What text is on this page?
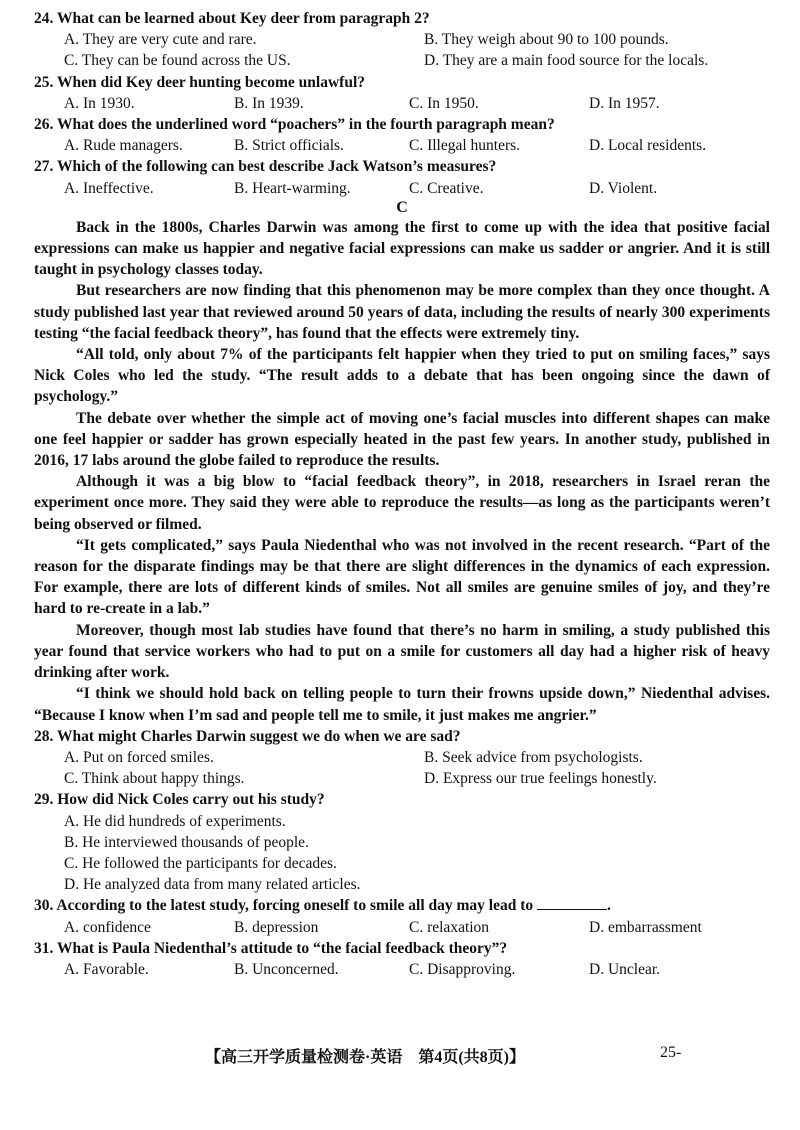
24. What can be learned about Key deer from paragraph 2?
A. They are very cute and rare.	B. They weigh about 90 to 100 pounds.
C. They can be found across the US.	D. They are a main food source for the locals.
25. When did Key deer hunting become unlawful?
A. In 1930.	B. In 1939.	C. In 1950.	D. In 1957.
26. What does the underlined word “poachers” in the fourth paragraph mean?
A. Rude managers.	B. Strict officials.	C. Illegal hunters.	D. Local residents.
27. Which of the following can best describe Jack Watson’s measures?
A. Ineffective.	B. Heart-warming.	C. Creative.	D. Violent.
C

Back in the 1800s, Charles Darwin was among the first to come up with the idea that positive facial expressions can make us happier and negative facial expressions can make us sadder or angrier. And it is still taught in psychology classes today.

But researchers are now finding that this phenomenon may be more complex than they once thought. A study published last year that reviewed around 50 years of data, including the results of nearly 300 experiments testing “the facial feedback theory”, has found that the effects were extremely tiny.

“All told, only about 7% of the participants felt happier when they tried to put on smiling faces,” says Nick Coles who led the study. “The result adds to a debate that has been ongoing since the dawn of psychology.”

The debate over whether the simple act of moving one’s facial muscles into different shapes can make one feel happier or sadder has grown especially heated in the past few years. In another study, published in 2016, 17 labs around the globe failed to reproduce the results.

Although it was a big blow to “facial feedback theory”, in 2018, researchers in Israel reran the experiment once more. They said they were able to reproduce the results—as long as the participants weren’t being observed or filmed.

“It gets complicated,” says Paula Niedenthal who was not involved in the recent research. “Part of the reason for the disparate findings may be that there are slight differences in the dynamics of each expression. For example, there are lots of different kinds of smiles. Not all smiles are genuine smiles of joy, and they’re hard to re-create in a lab.”

Moreover, though most lab studies have found that there’s no harm in smiling, a study published this year found that service workers who had to put on a smile for customers all day had a higher risk of heavy drinking after work.

“I think we should hold back on telling people to turn their frowns upside down,” Niedenthal advises. “Because I know when I’m sad and people tell me to smile, it just makes me angrier.”

28. What might Charles Darwin suggest we do when we are sad?
A. Put on forced smiles.	B. Seek advice from psychologists.
C. Think about happy things.	D. Express our true feelings honestly.
29. How did Nick Coles carry out his study?
A. He did hundreds of experiments.
B. He interviewed thousands of people.
C. He followed the participants for decades.
D. He analyzed data from many related articles.
30. According to the latest study, forcing oneself to smile all day may lead to	.
A. confidence	B. depression	C. relaxation	D. embarrassment
31. What is Paula Niedenthal’s attitude to “the facial feedback theory”?
A. Favorable.	B. Unconcerned.	C. Disapproving.	D. Unclear.
【高三开学质量检测卷·英语　第4页(共8页)】	25-
